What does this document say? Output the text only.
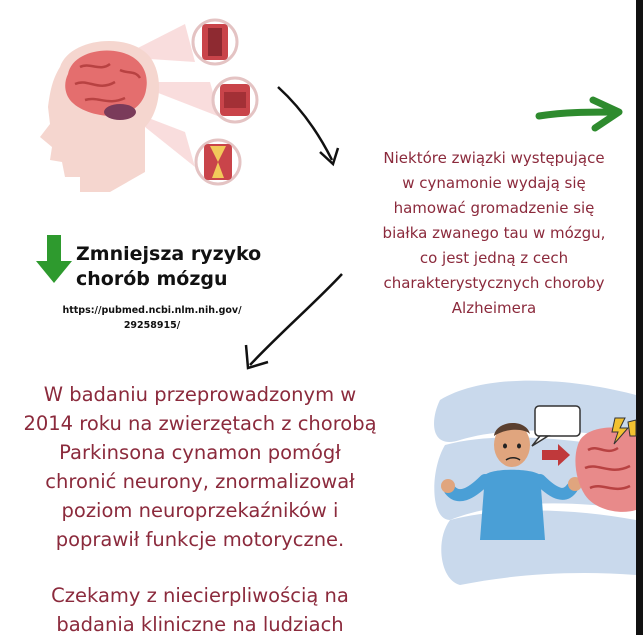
Niektóre związki występujące
w cynamonie wydają się
hamować gromadzenie się
białka zwanego tau w mózgu,
co jest jedną z cech
charakterystycznych choroby
Alzheimera
Zmniejsza ryzyko
chorób mózgu
https://pubmed.ncbi.nlm.nih.gov/
29258915/

W badaniu przeprowadzonym w

2014 roku na zwierzętach z chorobą

Parkinsona cynamon pomógł

chronić neurony, znormalizował

poziom neuroprzekaźników i

poprawił funkcje motoryczne.

Czekamy z niecierpliwością na

badania kliniczne na ludziach
